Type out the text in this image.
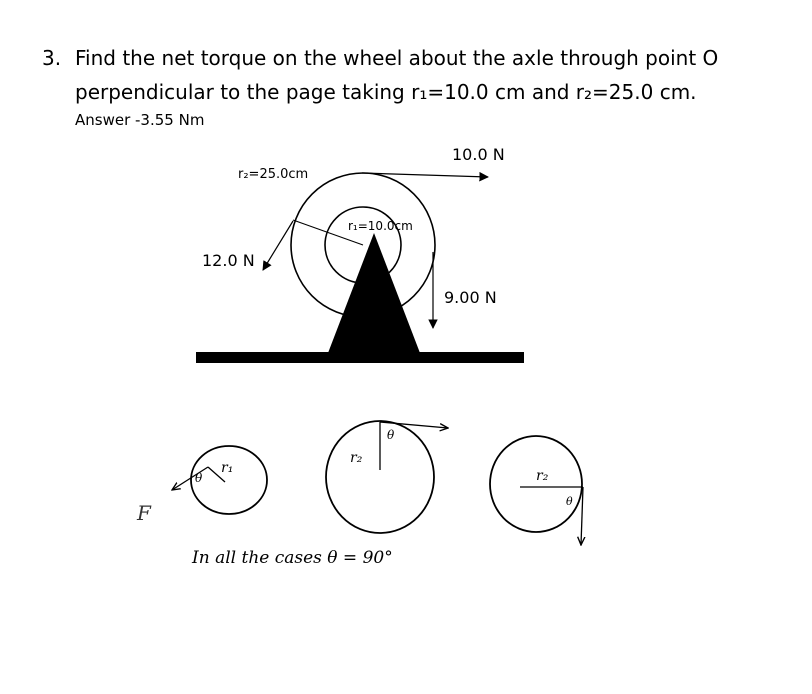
3. Find the net torque on the wheel about the axle through point O
perpendicular to the page taking r₁=10.0 cm and r₂=25.0 cm.
Answer -3.55 Nm
10.0 N
r₂=25.0cm
12.0 N
r₁=10.0cm
9.00 N
F
θ
r₁
θ
r₂
θ
r₂
In all the cases θ = 90°
